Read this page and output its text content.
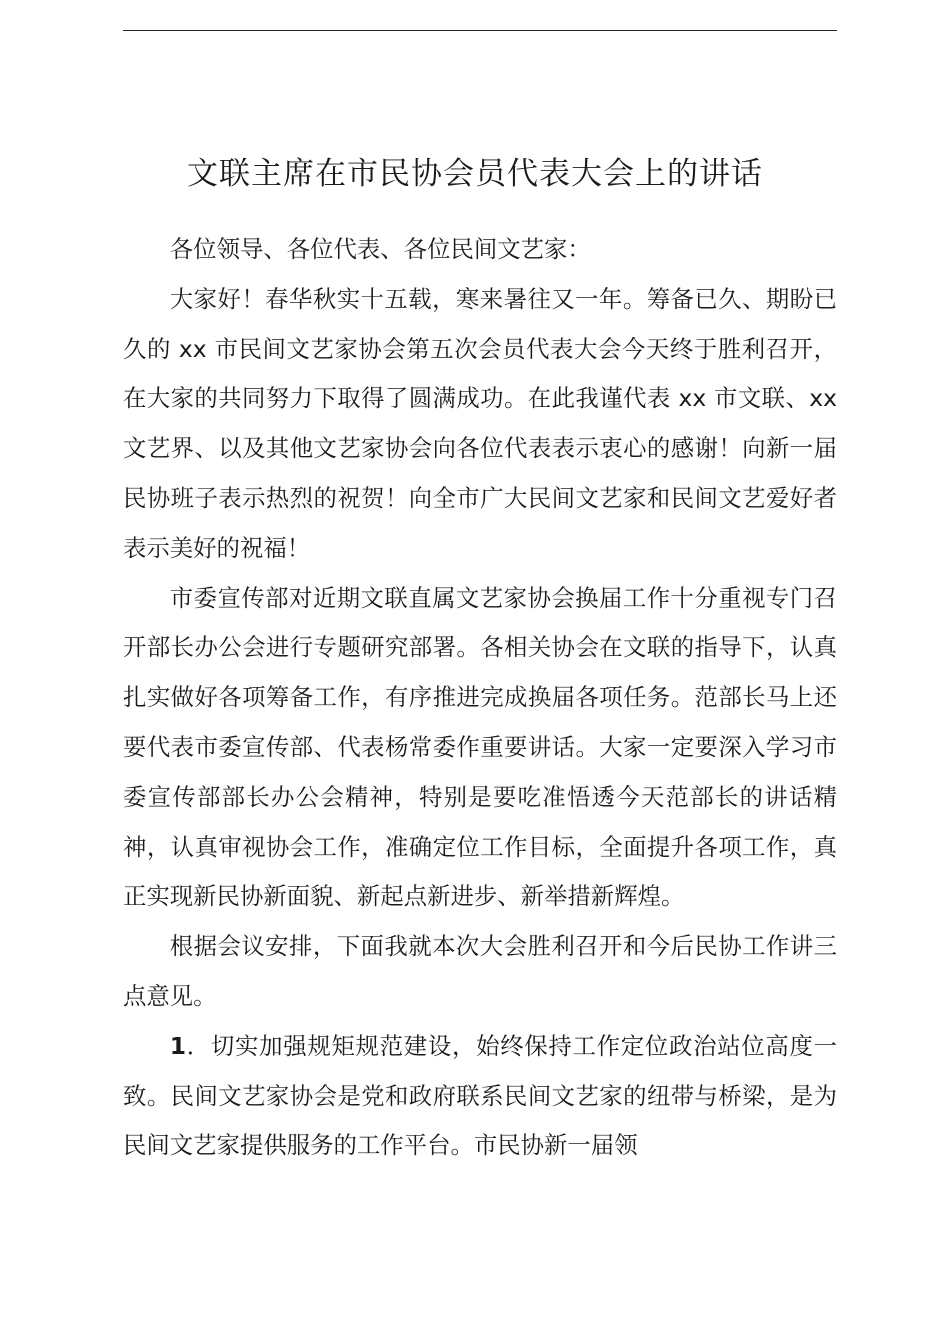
文联主席在市民协会员代表大会上的讲话

各位领导、各位代表、各位民间文艺家：

大家好！春华秋实十五载，寒来暑往又一年。筹备已久、期盼已久的 xx 市民间文艺家协会第五次会员代表大会今天终于胜利召开，在大家的共同努力下取得了圆满成功。在此我谨代表 xx 市文联、xx 文艺界、以及其他文艺家协会向各位代表表示衷心的感谢！向新一届民协班子表示热烈的祝贺！向全市广大民间文艺家和民间文艺爱好者表示美好的祝福！

市委宣传部对近期文联直属文艺家协会换届工作十分重视专门召开部长办公会进行专题研究部署。各相关协会在文联的指导下，认真扎实做好各项筹备工作，有序推进完成换届各项任务。范部长马上还要代表市委宣传部、代表杨常委作重要讲话。大家一定要深入学习市委宣传部部长办公会精神，特别是要吃准悟透今天范部长的讲话精神，认真审视协会工作，准确定位工作目标，全面提升各项工作，真正实现新民协新面貌、新起点新进步、新举措新辉煌。

根据会议安排，下面我就本次大会胜利召开和今后民协工作讲三点意见。

1．切实加强规矩规范建设，始终保持工作定位政治站位高度一致。民间文艺家协会是党和政府联系民间文艺家的纽带与桥梁，是为民间文艺家提供服务的工作平台。市民协新一届领
